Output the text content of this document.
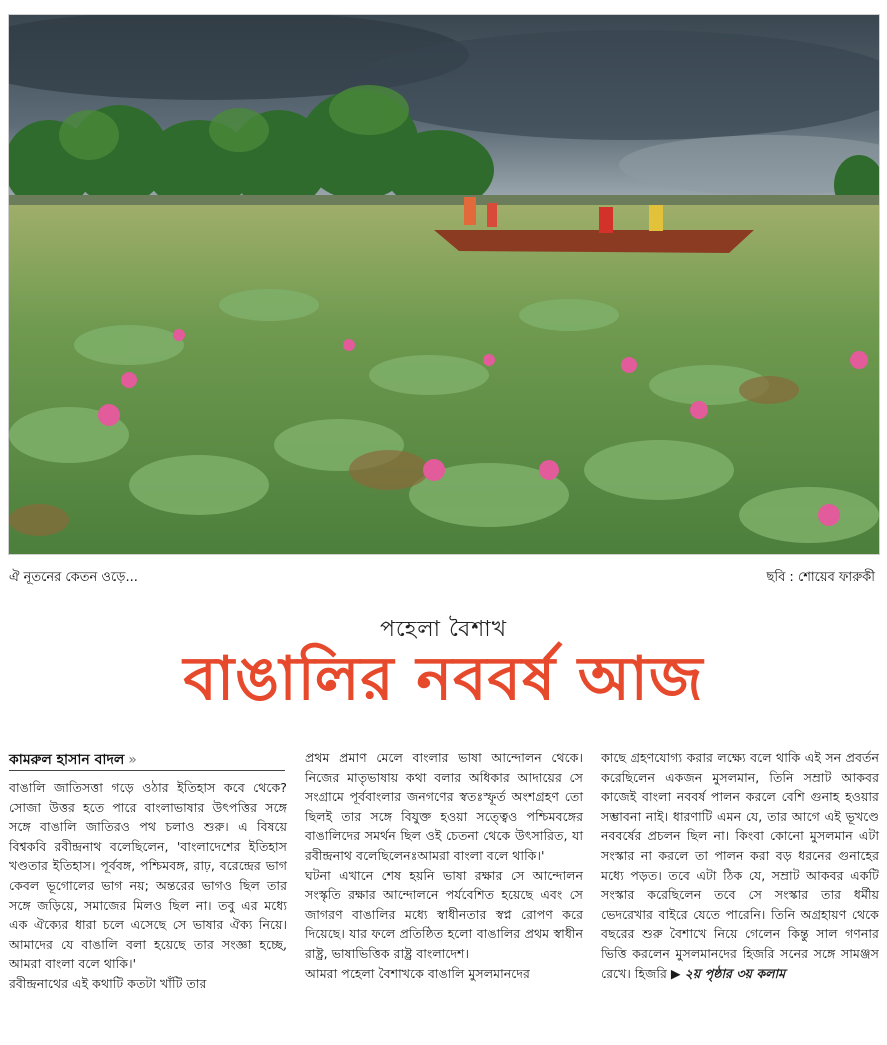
ঐ নূতনের কেতন ওড়ে...	ছবি : শোয়েব ফারুকী
পহেলা বৈশাখ
বাঙালির নববর্ষ আজ
কামরুল হাসান বাদল »

বাঙালি জাতিসত্তা গড়ে ওঠার ইতিহাস কবে থেকে? সোজা উত্তর হতে পারে বাংলাভাষার উৎপত্তির সঙ্গে সঙ্গে বাঙালি জাতিরও পথ চলাও শুরু। এ বিষয়ে বিশ্বকবি রবীন্দ্রনাথ বলেছিলেন, 'বাংলাদেশের ইতিহাস খণ্ডতার ইতিহাস। পূর্ববঙ্গ, পশ্চিমবঙ্গ, রাঢ়, বরেন্দ্রের ভাগ কেবল ভূগোলের ভাগ নয়; অন্তরের ভাগও ছিল তার সঙ্গে জড়িয়ে, সমাজের মিলও ছিল না। তবু এর মধ্যে এক ঐক্যের ধারা চলে এসেছে সে ভাষার ঐক্য নিয়ে। আমাদের যে বাঙালি বলা হয়েছে তার সংজ্ঞা হচ্ছে, আমরা বাংলা বলে থাকি।'

রবীন্দ্রনাথের এই কথাটি কতটা খাঁটি তার

প্রথম প্রমাণ মেলে বাংলার ভাষা আন্দোলন থেকে। নিজের মাতৃভাষায় কথা বলার অধিকার আদায়ের সে সংগ্রামে পূর্ববাংলার জনগণের স্বতঃস্ফূর্ত অংশগ্রহণ তো ছিলই তার সঙ্গে বিযুক্ত হওয়া সত্ত্বেও পশ্চিমবঙ্গের বাঙালিদের সমর্থন ছিল ওই চেতনা থেকে উৎসারিত, যা রবীন্দ্রনাথ বলেছিলেনঃআমরা বাংলা বলে থাকি।'

ঘটনা এখানে শেষ হয়নি ভাষা রক্ষার সে আন্দোলন সংস্কৃতি রক্ষার আন্দোলনে পর্যবেশিত হয়েছে এবং সে জাগরণ বাঙালির মধ্যে স্বাধীনতার স্বপ্ন রোপণ করে দিয়েছে। যার ফলে প্রতিষ্ঠিত হলো বাঙালির প্রথম স্বাধীন রাষ্ট্র, ভাষাভিত্তিক রাষ্ট্র বাংলাদেশ।

আমরা পহেলা বৈশাখকে বাঙালি মুসলমানদের

কাছে গ্রহণযোগ্য করার লক্ষ্যে বলে থাকি এই সন প্রবর্তন করেছিলেন একজন মুসলমান, তিনি সম্রাট আকবর কাজেই বাংলা নববর্ষ পালন করলে বেশি গুনাহ হওয়ার সম্ভাবনা নাই। ধারণাটি এমন যে, তার আগে এই ভূখণ্ডে নববর্ষের প্রচলন ছিল না। কিংবা কোনো মুসলমান এটা সংস্কার না করলে তা পালন করা বড় ধরনের গুনাহের মধ্যে পড়ত। তবে এটা ঠিক যে, সম্রাট আকবর একটি সংস্কার করেছিলেন তবে সে সংস্কার তার ধর্মীয় ভেদরেখার বাইরে যেতে পারেনি। তিনি অগ্রহায়ণ থেকে বছরের শুরু বৈশাখে নিয়ে গেলেন কিন্তু সাল গণনার ভিত্তি করলেন মুসলমানদের হিজরি সনের সঙ্গে সামঞ্জস রেখে। হিজরি ▶ ২য় পৃষ্ঠার ৩য় কলাম
